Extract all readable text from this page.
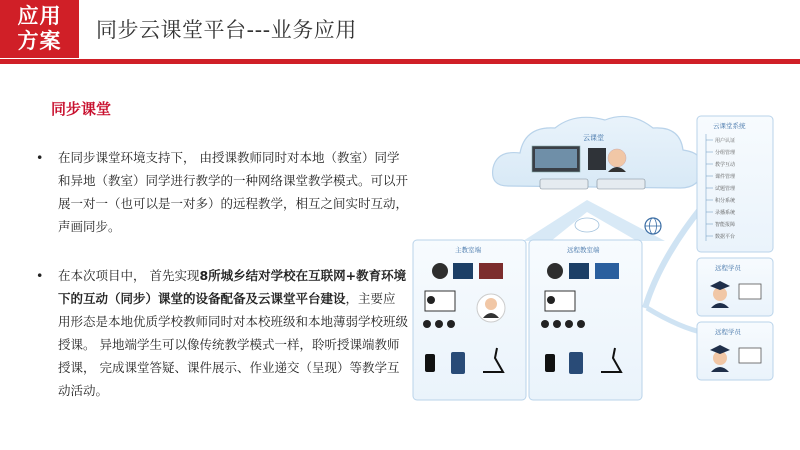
应用
方案	同步云课堂平台---业务应用
同步课堂
• 在同步课堂环境支持下， 由授课教师同时对本地（教室）同学和异地（教室）同学进行教学的一种网络课堂教学模式。可以开展一对一（也可以是一对多）的远程教学，相互之间实时互动，声画同步。
• 在本次项目中， 首先实现8所城乡结对学校在互联网+教育环境下的互动（同步）课堂的设备配备及云课堂平台建设，主要应用形态是本地优质学校教师同时对本校班级和本地薄弱学校班级授课。 异地端学生可以像传统教学模式一样，聆听授课端教师授课， 完成课堂答疑、课件展示、作业递交（呈现）等教学互动活动。
云课堂
主教室端	远程教室端
云课堂系统
用户认证
分组管理
教学互动
课件管理
试题管理
积分系统
录播系统
智能报障
数据平台
远程学员
远程学员
